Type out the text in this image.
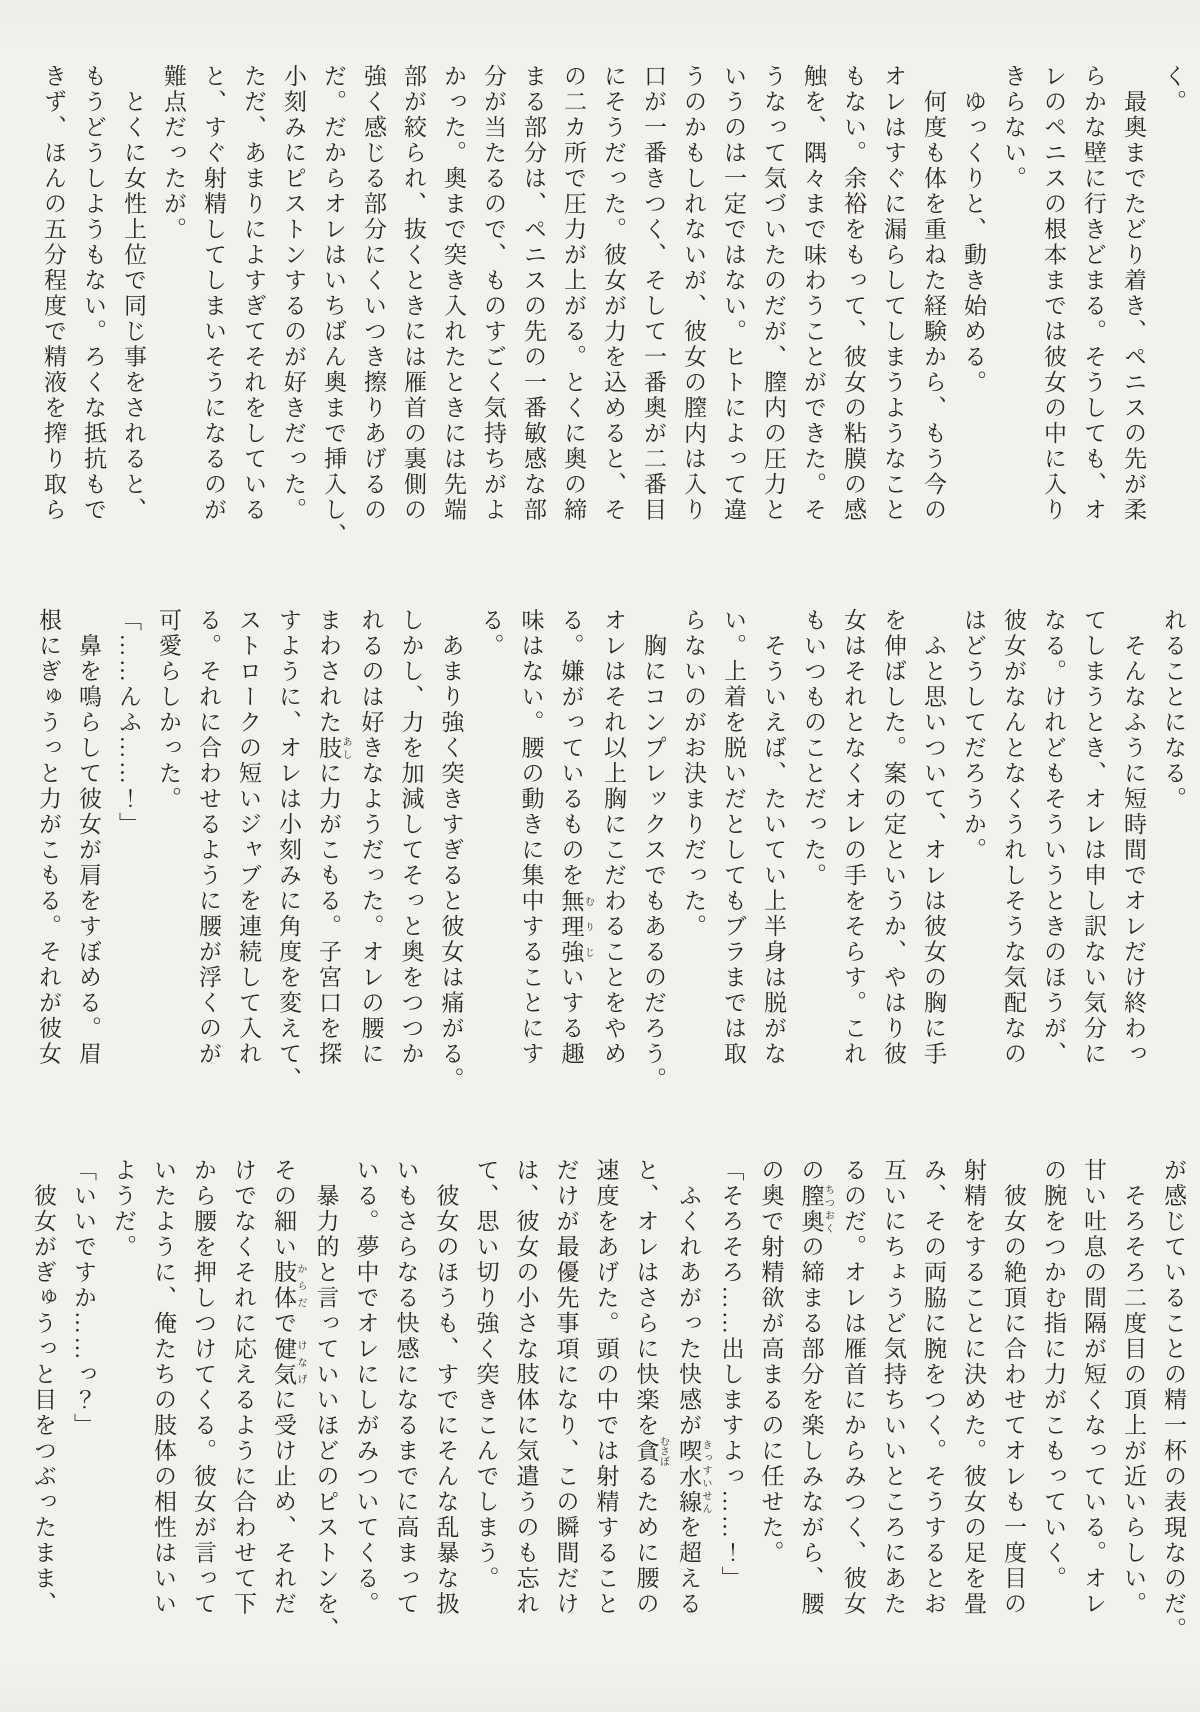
く。

　最奥までたどり着き、ペニスの先が柔

らかな壁に行きどまる。そうしても、オ

レのペニスの根本までは彼女の中に入り

きらない。

　ゆっくりと、動き始める。

　何度も体を重ねた経験から、もう今の

オレはすぐに漏らしてしまうようなこと

もない。余裕をもって、彼女の粘膜の感

触を、隅々まで味わうことができた。そ

うなって気づいたのだが、膣内の圧力と

いうのは一定ではない。ヒトによって違

うのかもしれないが、彼女の膣内は入り

口が一番きつく、そして一番奥が二番目

にそうだった。彼女が力を込めると、そ

の二カ所で圧力が上がる。とくに奥の締

まる部分は、ペニスの先の一番敏感な部

分が当たるので、ものすごく気持ちがよ

かった。奥まで突き入れたときには先端

部が絞られ、抜くときには雁首の裏側の

強く感じる部分にくいつき擦りあげるの

だ。だからオレはいちばん奥まで挿入し、

小刻みにピストンするのが好きだった。

ただ、あまりによすぎてそれをしている

と、すぐ射精してしまいそうになるのが

難点だったが。

　とくに女性上位で同じ事をされると、

もうどうしようもない。ろくな抵抗もで

きず、ほんの五分程度で精液を搾り取ら

れることになる。

　そんなふうに短時間でオレだけ終わっ

てしまうとき、オレは申し訳ない気分に

なる。けれどもそういうときのほうが、

彼女がなんとなくうれしそうな気配なの

はどうしてだろうか。

　ふと思いついて、オレは彼女の胸に手

を伸ばした。案の定というか、やはり彼

女はそれとなくオレの手をそらす。これ

もいつものことだった。

　そういえば、たいてい上半身は脱がな

い。上着を脱いだとしてもブラまでは取

らないのがお決まりだった。

　胸にコンプレックスでもあるのだろう。

オレはそれ以上胸にこだわることをやめ

る。嫌がっているものを無理強 むりじいする趣

味はない。腰の動きに集中することにす

る。

　あまり強く突きすぎると彼女は痛がる。

しかし、力を加減してそっと奥をつつか

れるのは好きなようだった。オレの腰に

まわされた肢 あしに力がこもる。子宮口を探

すように、オレは小刻みに角度を変えて、

ストロークの短いジャブを連続して入れ

る。それに合わせるように腰が浮くのが

可愛らしかった。

「……んふ……！」

　鼻を鳴らして彼女が肩をすぼめる。眉

根にぎゅうっと力がこもる。それが彼女

が感じていることの精一杯の表現なのだ。

　そろそろ二度目の頂上が近いらしい。

甘い吐息の間隔が短くなっている。オレ

の腕をつかむ指に力がこもっていく。

　彼女の絶頂に合わせてオレも一度目の

射精をすることに決めた。彼女の足を畳

み、その両脇に腕をつく。そうするとお

互いにちょうど気持ちいいところにあた

るのだ。オレは雁首にからみつく、彼女

の膣奥 ちつおくの締まる部分を楽しみながら、腰

の奥で射精欲が高まるのに任せた。

「そろそろ……出しますよっ……！」

　ふくれあがった快感が喫水線 きっすいせんを超える

と、オレはさらに快楽を貪 むさぼるために腰の

速度をあげた。頭の中では射精すること

だけが最優先事項になり、この瞬間だけ

は、彼女の小さな肢体に気遣うのも忘れ

て、思い切り強く突きこんでしまう。

　彼女のほうも、すでにそんな乱暴な扱

いもさらなる快感になるまでに高まって

いる。夢中でオレにしがみついてくる。

　暴力的と言っていいほどのピストンを、

その細い肢体 からだで健気 けなげに受け止め、それだ

けでなくそれに応えるように合わせて下

から腰を押しつけてくる。彼女が言って

いたように、俺たちの肢体の相性はいい

ようだ。

「いいですか……っ？」

　彼女がぎゅうっと目をつぶったまま、
